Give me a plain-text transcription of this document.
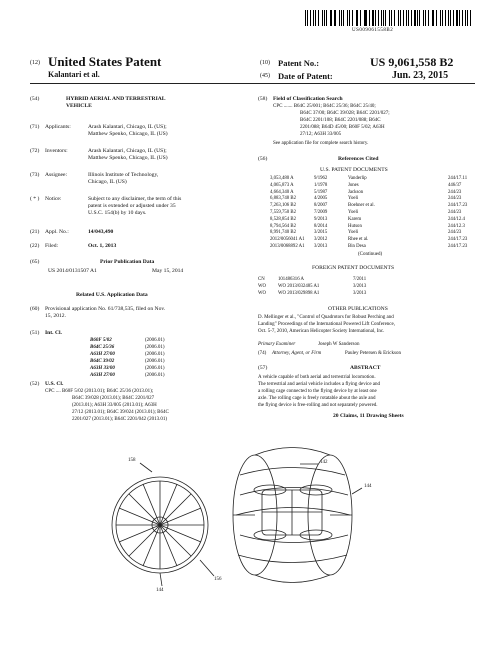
US009061558B2
(12) United States Patent
Kalantari et al.
(10) Patent No.:	US 9,061,558 B2
(45) Date of Patent:	Jun. 23, 2015
(54)	HYBRID AERIAL AND TERRESTRIAL
VEHICLE
(71) Applicants:	Arash Kalantari, Chicago, IL (US);
Matthew Spenko, Chicago, IL (US)
(72) Inventors:	Arash Kalantari, Chicago, IL (US);
Matthew Spenko, Chicago, IL (US)
(73) Assignee:	Illinois Institute of Technology,
Chicago, IL (US)
( * ) Notice:	Subject to any disclaimer, the term of this
patent is extended or adjusted under 35
U.S.C. 154(b) by 10 days.
(21) Appl. No.:	14/043,490
(22) Filed:	Oct. 1, 2013
(65)	Prior Publication Data
US 2014/0131507 A1	May 15, 2014
Related U.S. Application Data
(60) Provisional application No. 61/738,535, filed on Nov.
15, 2012.
(51) Int. Cl.
B60F 5/02	(2006.01)
B64C 25/36	(2006.01)
A63H 27/00	(2006.01)
B64C 39/02	(2006.01)
A63H 33/00	(2006.01)
A63H 27/00	(2006.01)
(52) U.S. Cl.
CPC .... B60F 5/02 (2013.01); B64C 25/36 (2013.01);
B64C 39/028 (2013.01); B64C 2201/027
(2013.01); A63H 33/005 (2013.01); A63H
27/12 (2013.01); B64C 39/024 (2013.01); B64C
2201/027 (2013.01); B64C 2201/042 (2013.01)
(58) Field of Classification Search
CPC ....... B64C 25/001; B64C 25/36; B64C 25/40;
B64C 37/00; B64C 39/028; B64C 2201/027;
B64C 2201/108; B64C 2201/088; B64C
2201/088; B64D 45/00; B60F 5/02; A63H
27/12; A63H 33/005
See application file for complete search history.
(56)	References Cited
U.S. PATENT DOCUMENTS
3,053,480 A	9/1962	Vanderlip	244/17.11
4,065,873 A	1/1978	Jones	446/37
4,664,340 A	5/1987	Jackson	244/23
6,883,748 B2	4/2005	Yoeli	244/23
7,263,106 B2	8/2007	Boehner et al.	244/17.23
7,559,750 B2	7/2009	Yoeli	244/23
8,528,854 B2	9/2013	Karem	244/12.4
8,794,564 B2	8/2014	Hutson	244/12.3
8,991,740 B2	3/2015	Yoeli	244/23
2012/0056041 A1 3/2012	Rhee et al.	244/17.23
2013/0068892 A1 3/2013	Bin Desa	244/17.23
(Continued)
FOREIGN PATENT DOCUMENTS
CN	101486316 A	7/2011
WO	WO 2013/032485 A1	3/2013
WO	WO 2013/029898 A1	3/2013
OTHER PUBLICATIONS
D. Mellinger et al., "Control of Quadrotors for Robust Perching and
Landing" Proceedings of the International Powered Lift Conference,
Oct. 5-7, 2010, American Helicopter Society International, Inc.
Primary Examiner	Joseph W Sanderson
(74) Attorney, Agent, or Firm	Pauley Petersen & Erickson
(57)	ABSTRACT
A vehicle capable of both aerial and terrestrial locomotion.
The terrestrial and aerial vehicle includes a flying device and
a rolling cage connected to the flying device by at least one
axle. The rolling cage is freely rotatable about the axle and
the flying device is free-rolling and not separately powered.
20 Claims, 11 Drawing Sheets
158	142
144
156
144
